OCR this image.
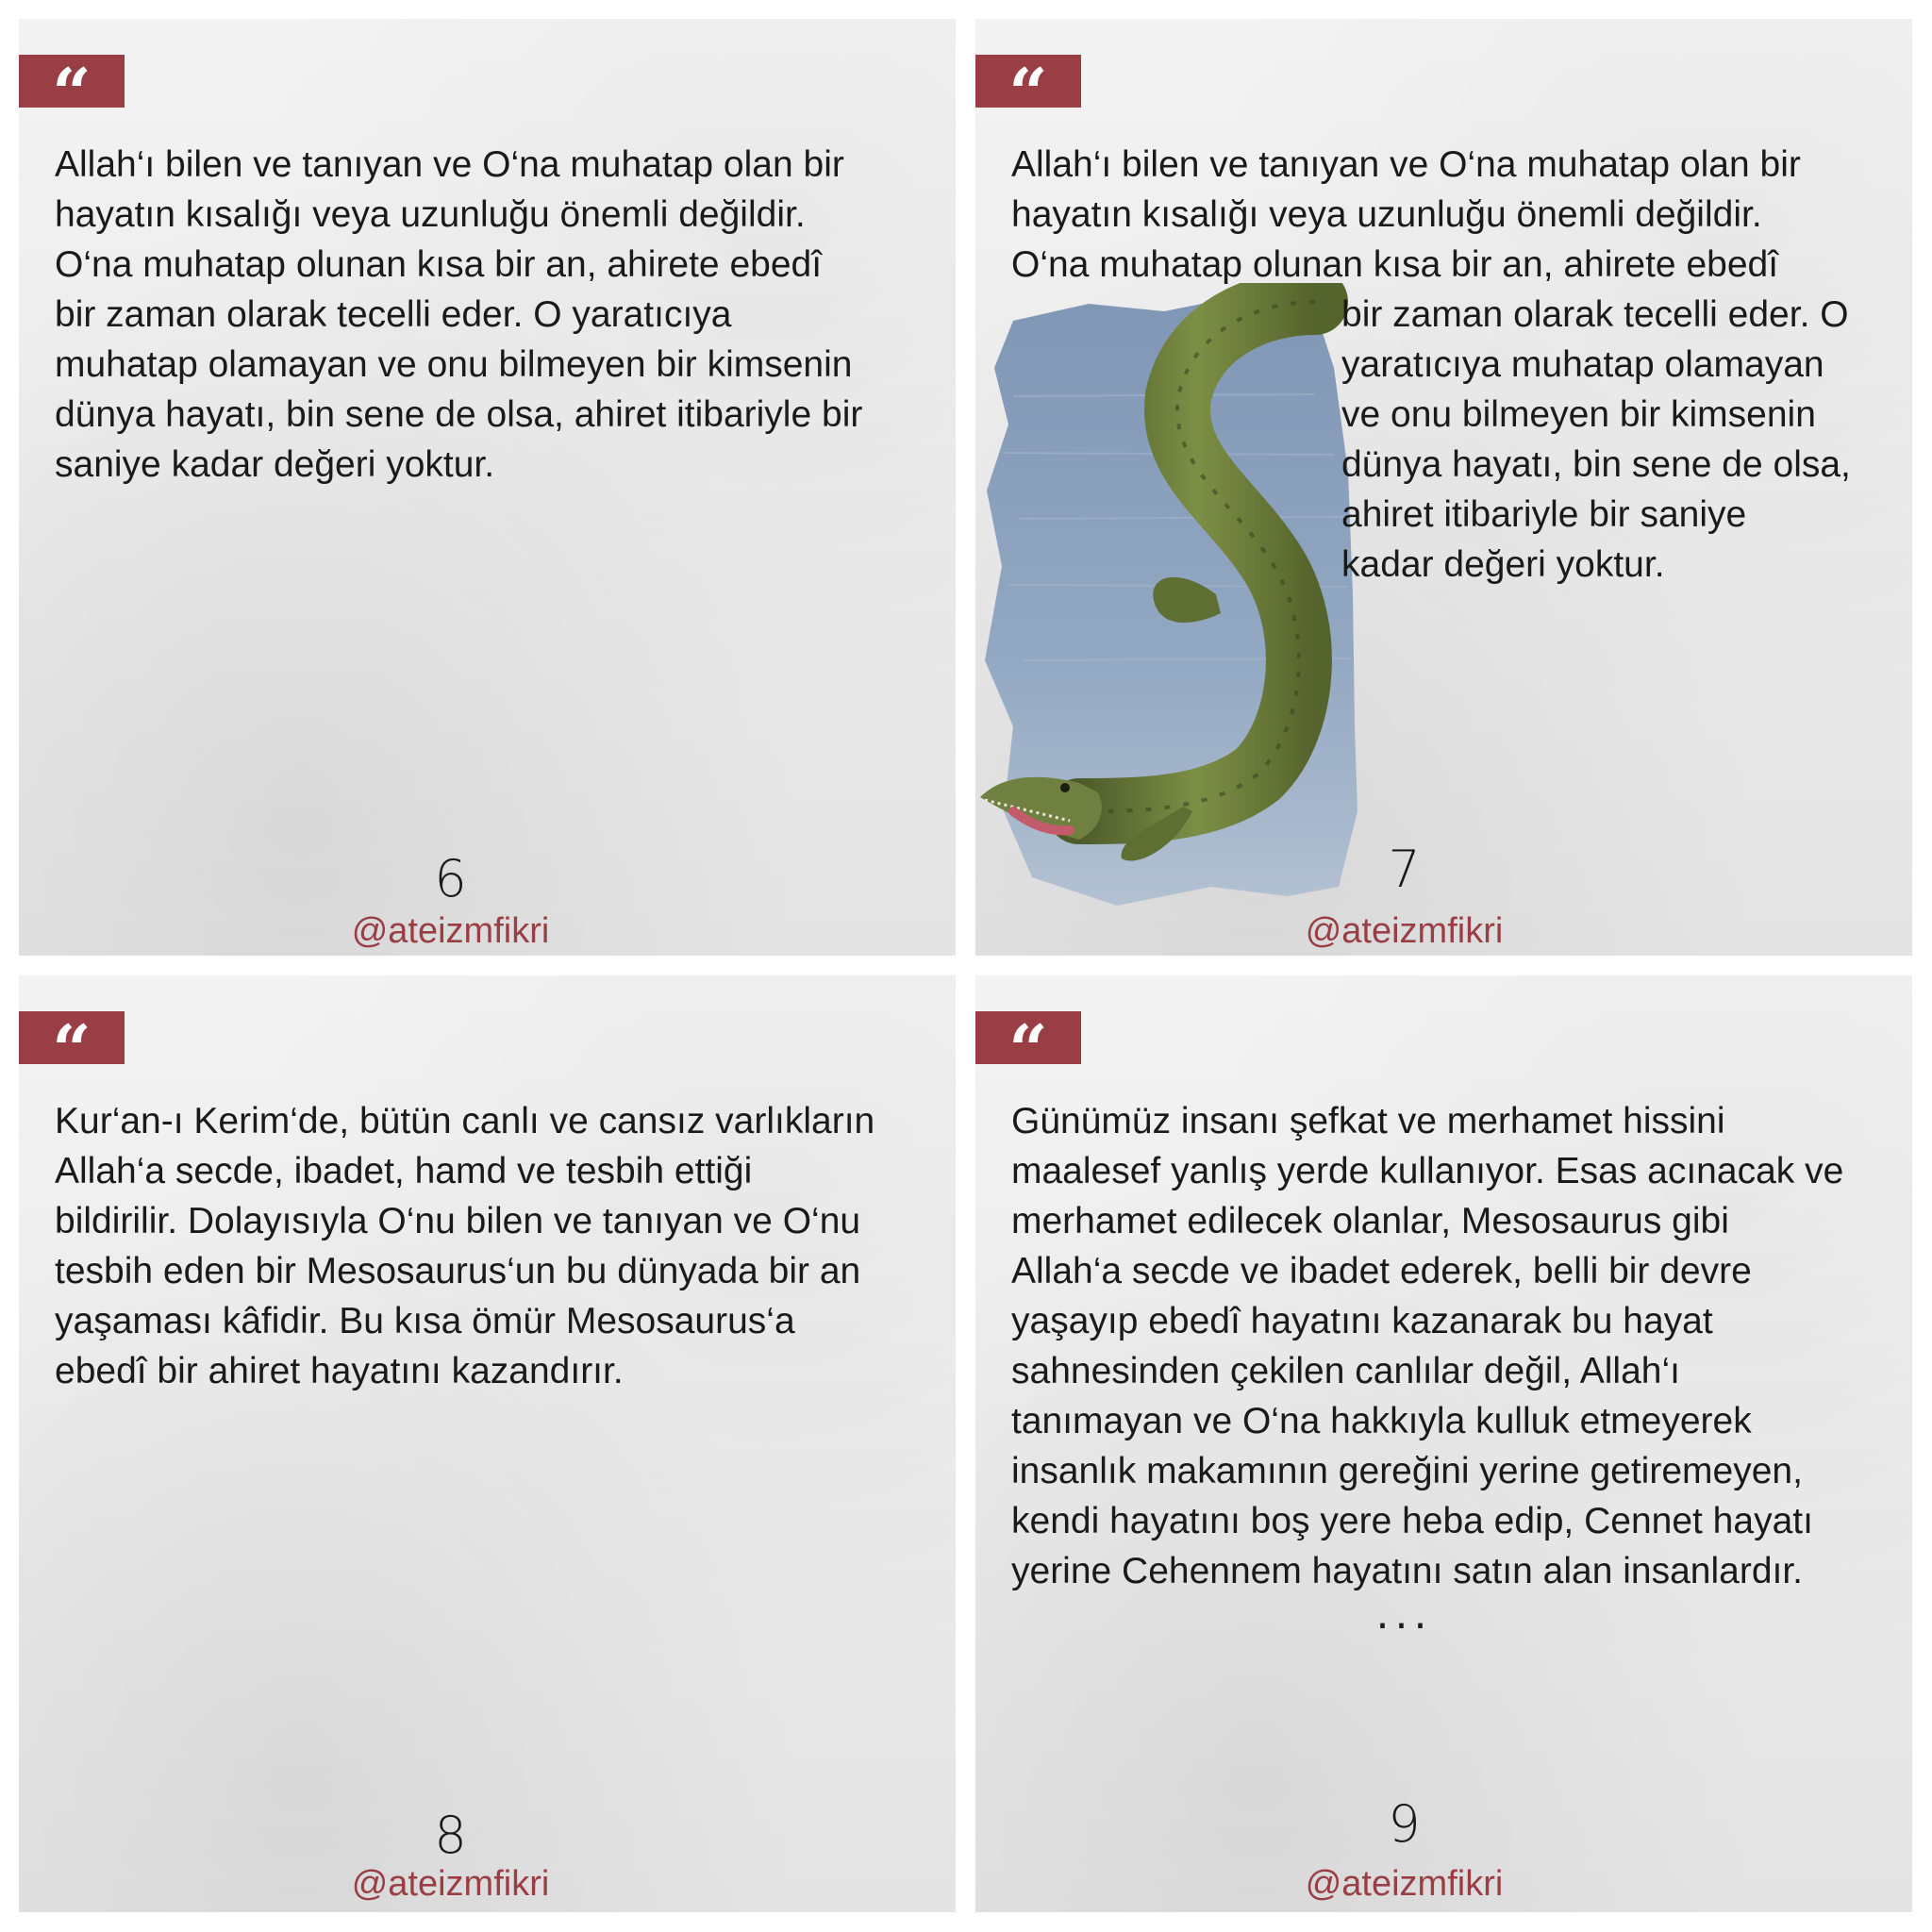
“
Allah‘ı bilen ve tanıyan ve O‘na muhatap olan bir
hayatın kısalığı veya uzunluğu önemli değildir.
O‘na muhatap olunan kısa bir an, ahirete ebedî
bir zaman olarak tecelli eder. O yaratıcıya
muhatap olamayan ve onu bilmeyen bir kimsenin
dünya hayatı, bin sene de olsa, ahiret itibariyle bir
saniye kadar değeri yoktur.
6
@ateizmfikri
“
Allah‘ı bilen ve tanıyan ve O‘na muhatap olan bir
hayatın kısalığı veya uzunluğu önemli değildir.
O‘na muhatap olunan kısa bir an, ahirete ebedî
bir zaman olarak tecelli eder. O
yaratıcıya muhatap olamayan
ve onu bilmeyen bir kimsenin
dünya hayatı, bin sene de olsa,
ahiret itibariyle bir saniye
kadar değeri yoktur.
7
@ateizmfikri
“
Kur‘an-ı Kerim‘de, bütün canlı ve cansız varlıkların
Allah‘a secde, ibadet, hamd ve tesbih ettiği
bildirilir. Dolayısıyla O‘nu bilen ve tanıyan ve O‘nu
tesbih eden bir Mesosaurus‘un bu dünyada bir an
yaşaması kâfidir. Bu kısa ömür Mesosaurus‘a
ebedî bir ahiret hayatını kazandırır.
8
@ateizmfikri
“
Günümüz insanı şefkat ve merhamet hissini
maalesef yanlış yerde kullanıyor. Esas acınacak ve
merhamet edilecek olanlar, Mesosaurus gibi
Allah‘a secde ve ibadet ederek, belli bir devre
yaşayıp ebedî hayatını kazanarak bu hayat
sahnesinden çekilen canlılar değil, Allah‘ı
tanımayan ve O‘na hakkıyla kulluk etmeyerek
insanlık makamının gereğini yerine getiremeyen,
kendi hayatını boş yere heba edip, Cennet hayatı
yerine Cehennem hayatını satın alan insanlardır.
...
9
@ateizmfikri
